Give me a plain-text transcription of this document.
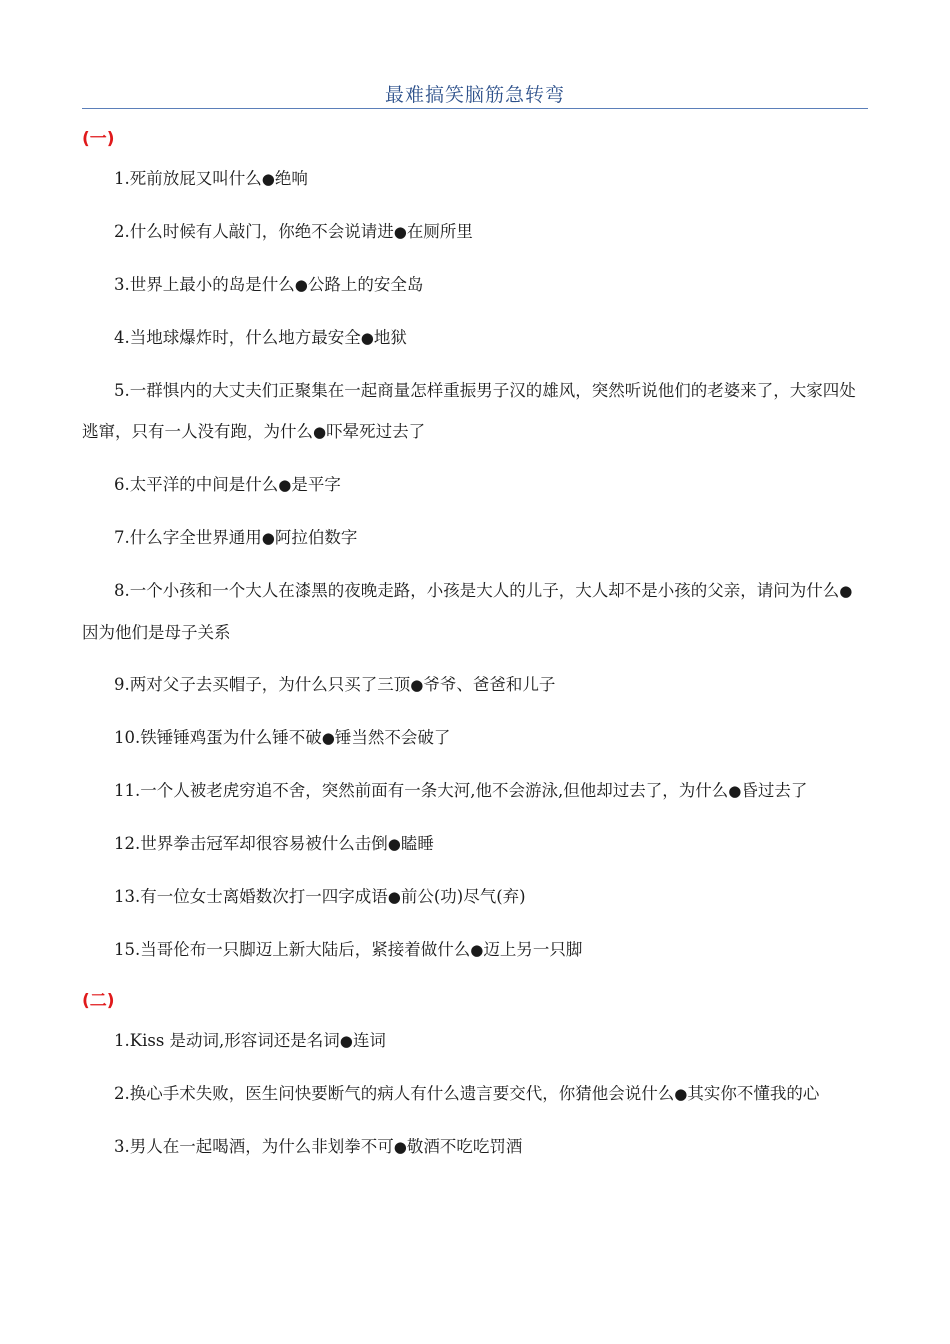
最难搞笑脑筋急转弯
(一)
1.死前放屁又叫什么●绝响
2.什么时候有人敲门，你绝不会说请进●在厕所里
3.世界上最小的岛是什么●公路上的安全岛
4.当地球爆炸时，什么地方最安全●地狱
5.一群惧内的大丈夫们正聚集在一起商量怎样重振男子汉的雄风，突然听说他们的老婆来了，大家四处逃窜，只有一人没有跑，为什么●吓晕死过去了
6.太平洋的中间是什么●是平字
7.什么字全世界通用●阿拉伯数字
8.一个小孩和一个大人在漆黑的夜晚走路，小孩是大人的儿子，大人却不是小孩的父亲，请问为什么●因为他们是母子关系
9.两对父子去买帽子，为什么只买了三顶●爷爷、爸爸和儿子
10.铁锤锤鸡蛋为什么锤不破●锤当然不会破了
11.一个人被老虎穷追不舍，突然前面有一条大河,他不会游泳,但他却过去了，为什么●昏过去了
12.世界拳击冠军却很容易被什么击倒●瞌睡
13.有一位女士离婚数次打一四字成语●前公(功)尽气(弃)
15.当哥伦布一只脚迈上新大陆后，紧接着做什么●迈上另一只脚
(二)
1.Kiss 是动词,形容词还是名词●连词
2.换心手术失败，医生问快要断气的病人有什么遗言要交代，你猜他会说什么●其实你不懂我的心
3.男人在一起喝酒，为什么非划拳不可●敬酒不吃吃罚酒
